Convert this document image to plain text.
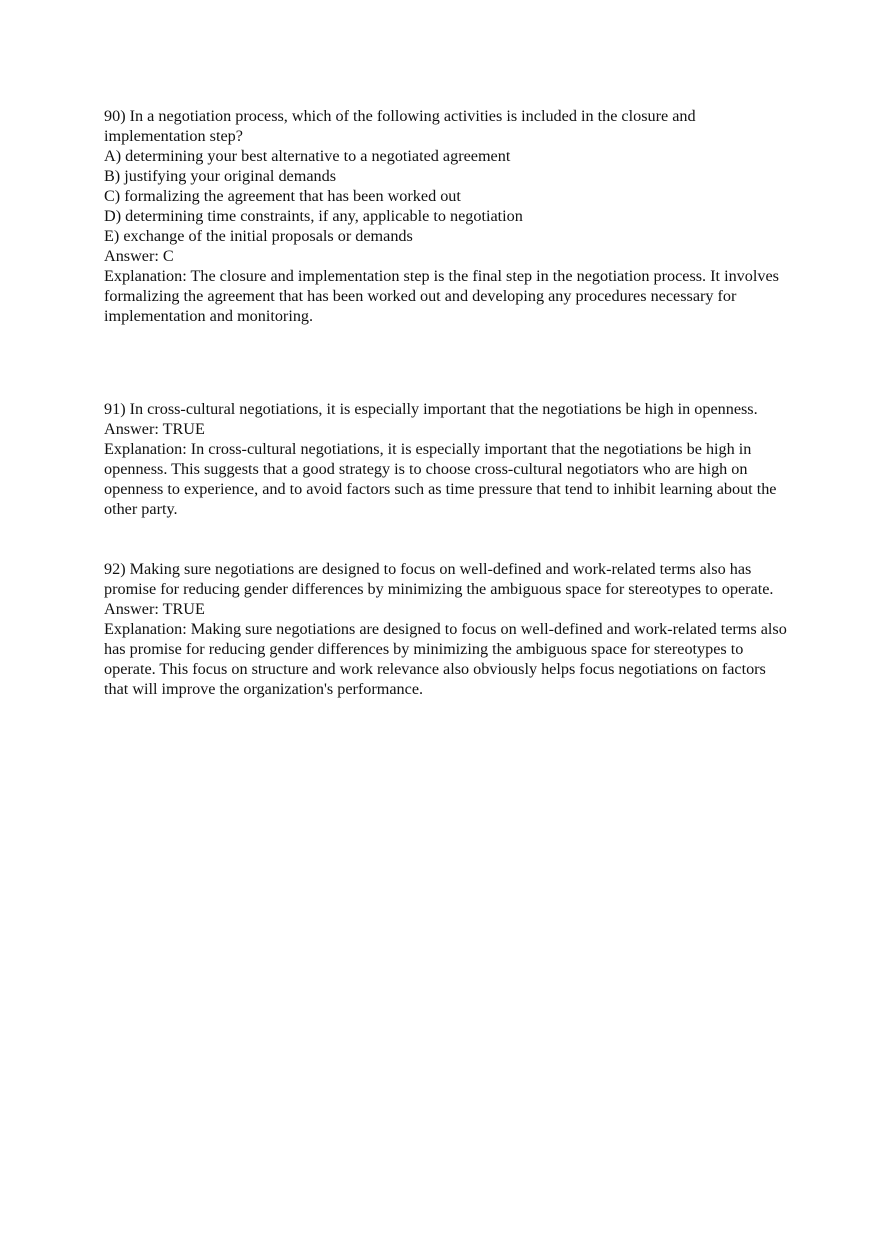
90) In a negotiation process, which of the following activities is included in the closure and implementation step?

A) determining your best alternative to a negotiated agreement

B) justifying your original demands

C) formalizing the agreement that has been worked out

D) determining time constraints, if any, applicable to negotiation

E) exchange of the initial proposals or demands

Answer: C

Explanation: The closure and implementation step is the final step in the negotiation process. It involves formalizing the agreement that has been worked out and developing any procedures necessary for implementation and monitoring.

91) In cross-cultural negotiations, it is especially important that the negotiations be high in openness.

Answer: TRUE

Explanation: In cross-cultural negotiations, it is especially important that the negotiations be high in openness. This suggests that a good strategy is to choose cross-cultural negotiators who are high on openness to experience, and to avoid factors such as time pressure that tend to inhibit learning about the other party.

92) Making sure negotiations are designed to focus on well-defined and work-related terms also has promise for reducing gender differences by minimizing the ambiguous space for stereotypes to operate.

Answer: TRUE

Explanation: Making sure negotiations are designed to focus on well-defined and work-related terms also has promise for reducing gender differences by minimizing the ambiguous space for stereotypes to operate. This focus on structure and work relevance also obviously helps focus negotiations on factors that will improve the organization's performance.
